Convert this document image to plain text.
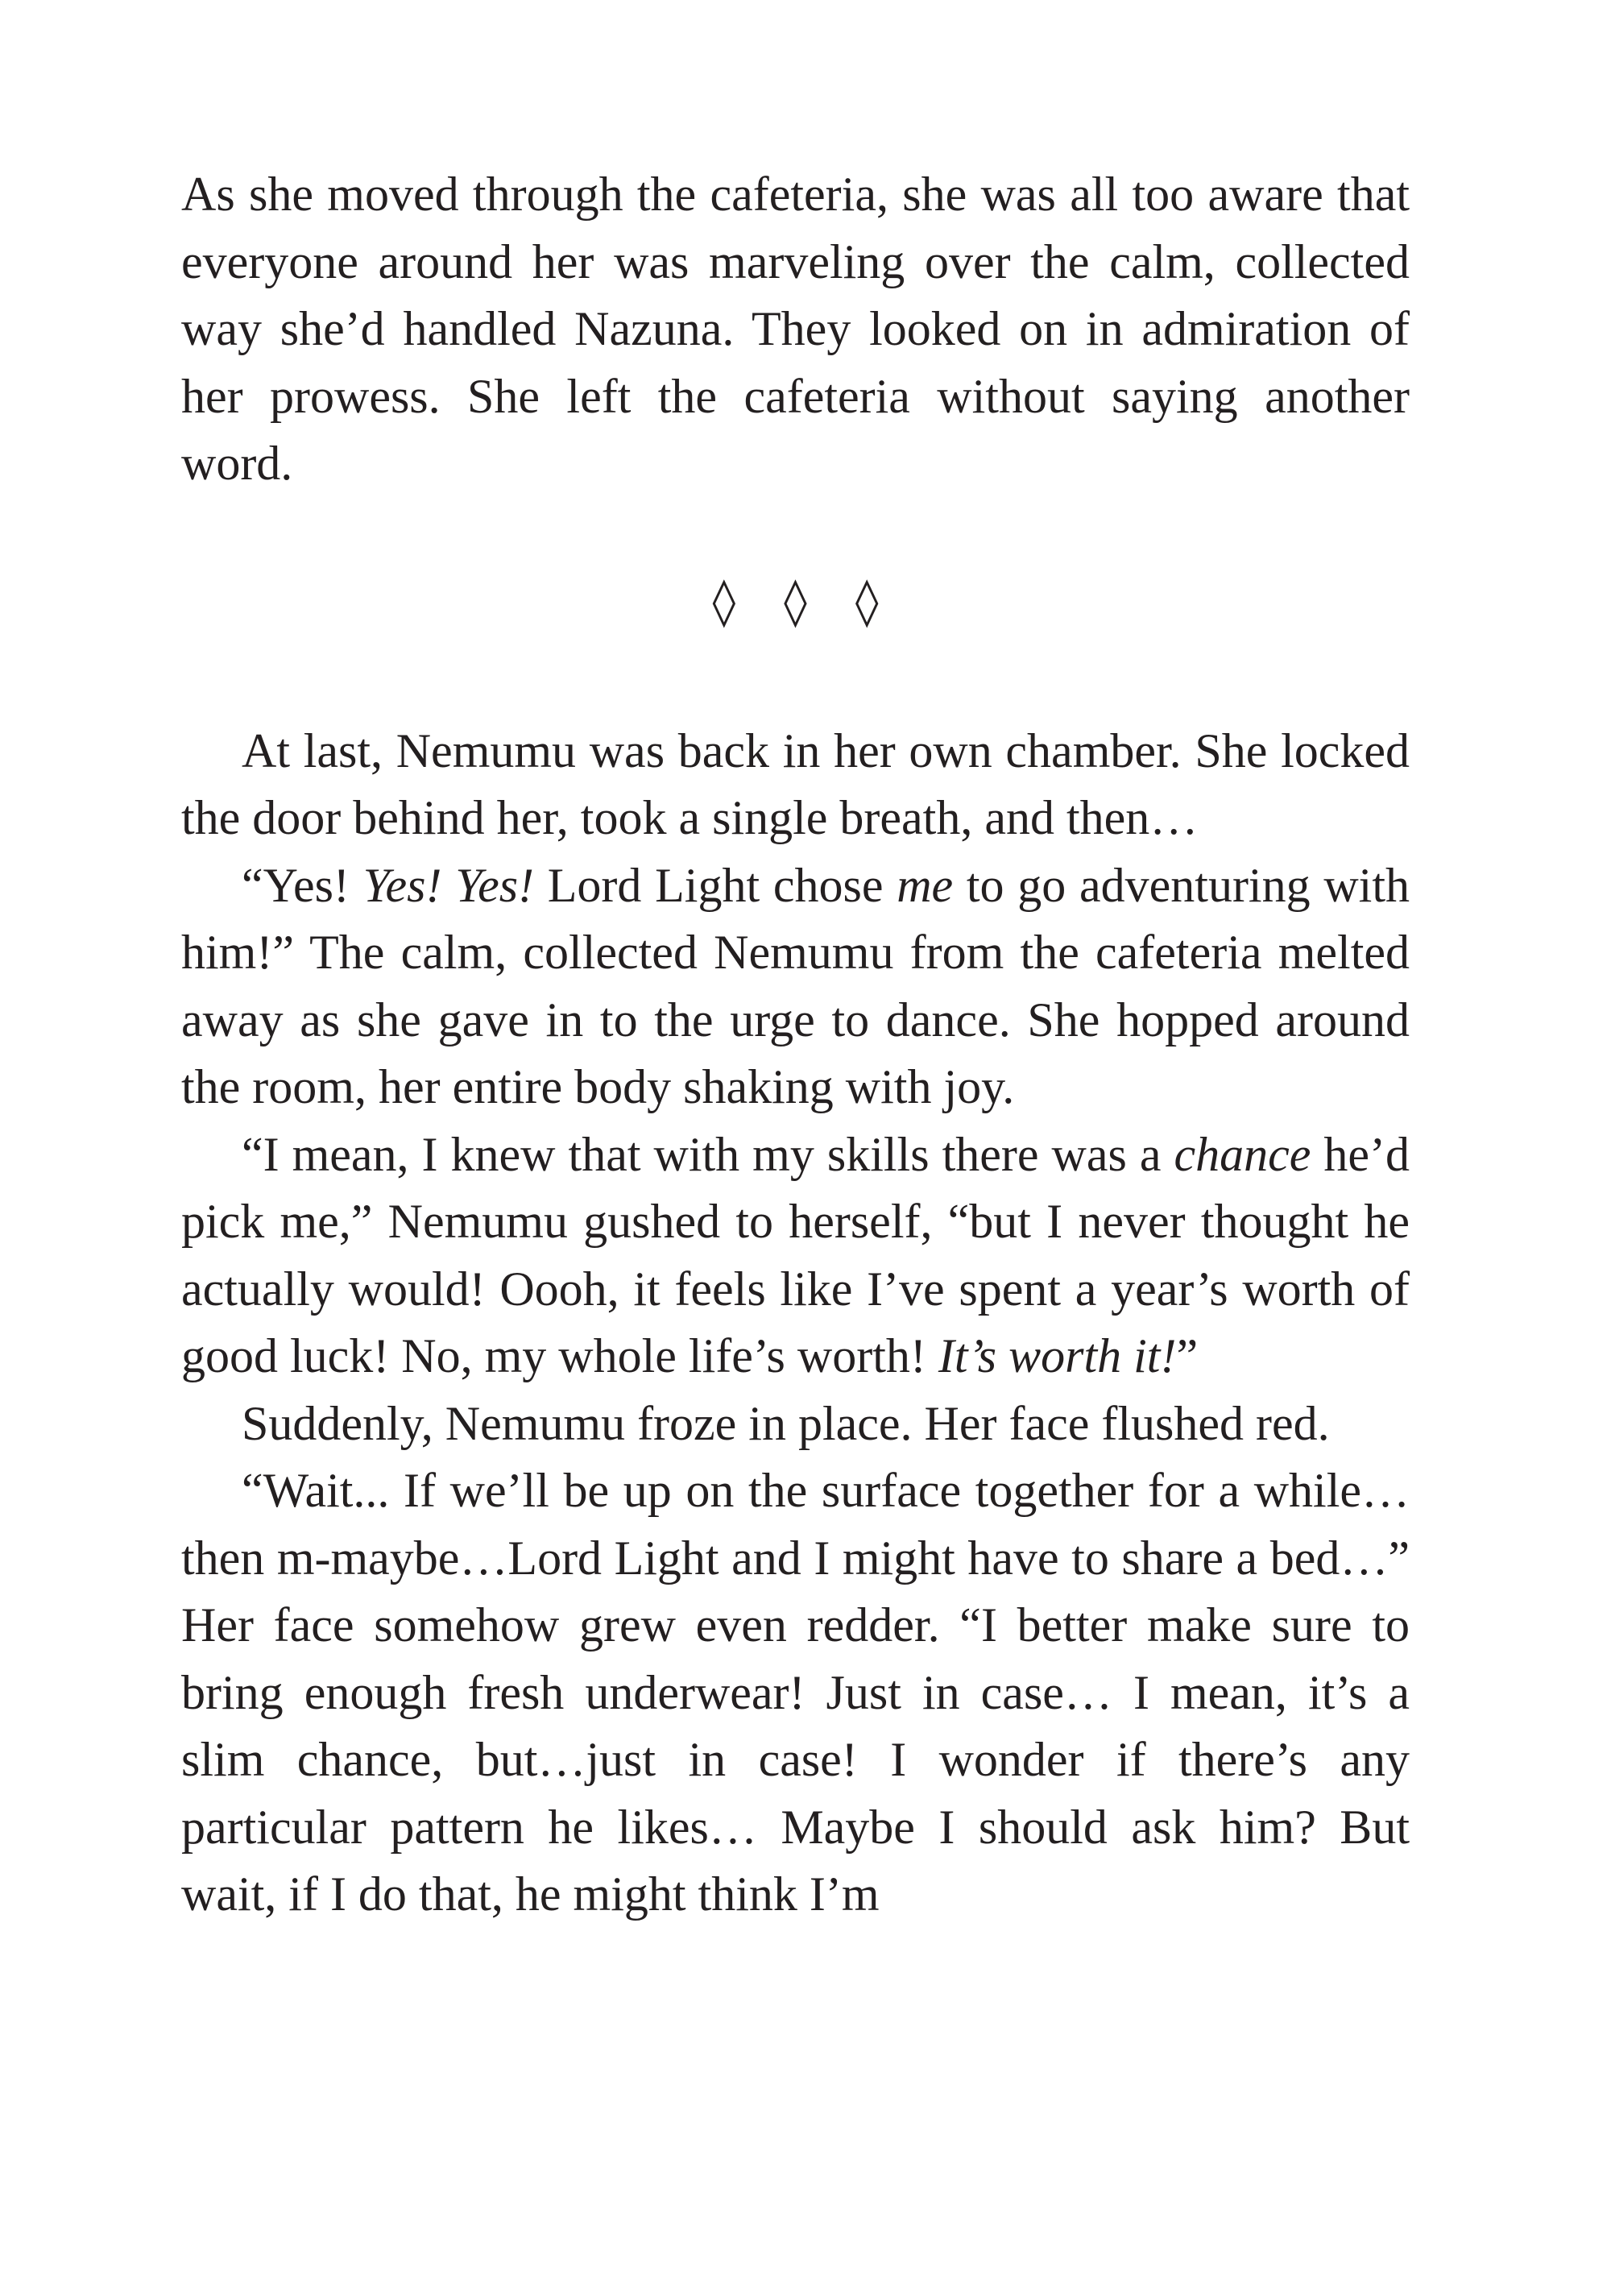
As she moved through the cafeteria, she was all too aware that everyone around her was marveling over the calm, collected way she’d handled Nazuna. They looked on in admiration of her prowess. She left the cafeteria without saying another word.

◊ ◊ ◊

At last, Nemumu was back in her own chamber. She locked the door behind her, took a single breath, and then…

“Yes! Yes! Yes! Lord Light chose me to go adventuring with him!” The calm, collected Nemumu from the cafeteria melted away as she gave in to the urge to dance. She hopped around the room, her entire body shaking with joy.

“I mean, I knew that with my skills there was a chance he’d pick me,” Nemumu gushed to herself, “but I never thought he actually would! Oooh, it feels like I’ve spent a year’s worth of good luck! No, my whole life’s worth! It’s worth it!”

Suddenly, Nemumu froze in place. Her face flushed red.

“Wait... If we’ll be up on the surface together for a while… then m-maybe…Lord Light and I might have to share a bed…” Her face somehow grew even redder. “I better make sure to bring enough fresh underwear! Just in case… I mean, it’s a slim chance, but…just in case! I wonder if there’s any particular pattern he likes… Maybe I should ask him? But wait, if I do that, he might think I’m
